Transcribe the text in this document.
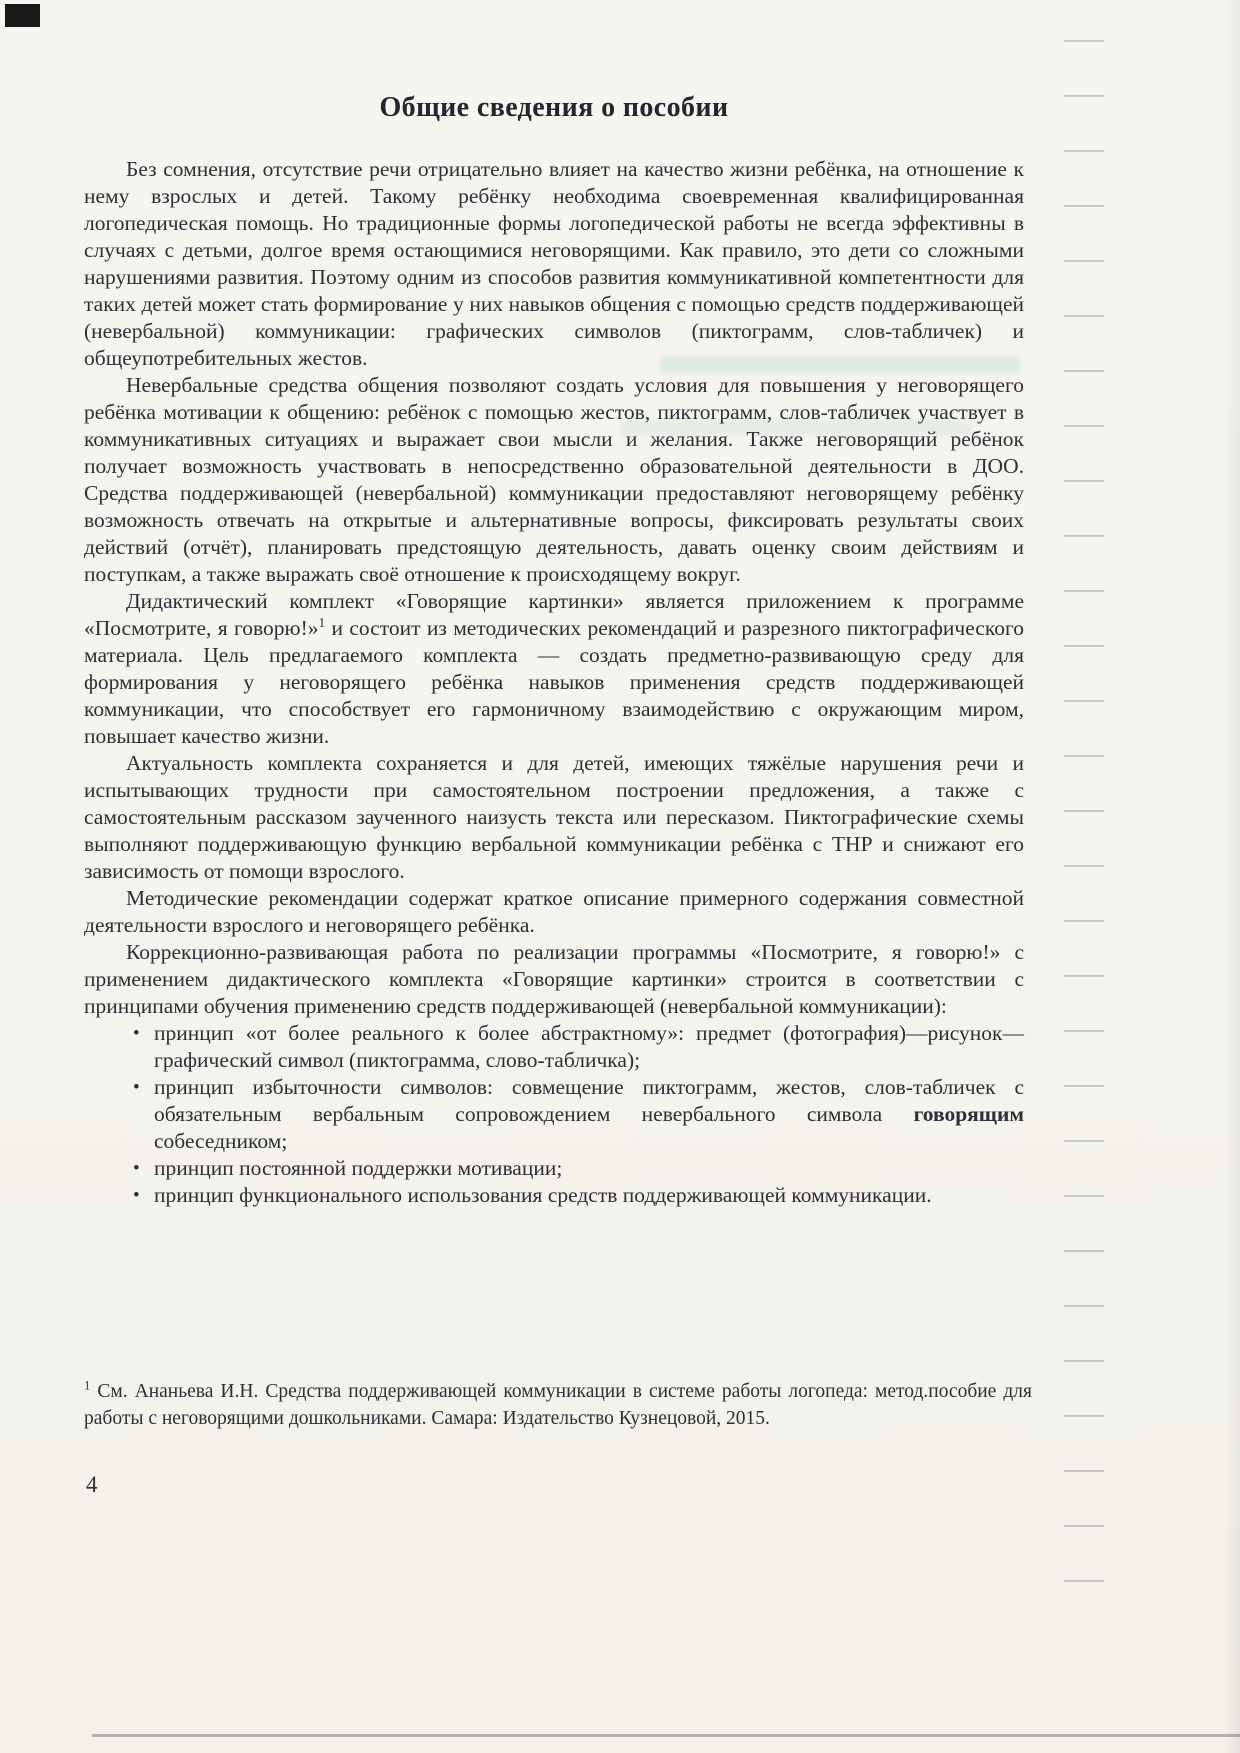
Общие сведения о пособии

Без сомнения, отсутствие речи отрицательно влияет на качество жизни ребёнка, на отношение к нему взрослых и детей. Такому ребёнку необходима своевременная квалифицированная логопедическая помощь. Но традиционные формы логопедической работы не всегда эффективны в случаях с детьми, долгое время остающимися неговорящими. Как правило, это дети со сложными нарушениями развития. Поэтому одним из способов развития коммуникативной компетентности для таких детей может стать формирование у них навыков общения с помощью средств поддерживающей (невербальной) коммуникации: графических символов (пиктограмм, слов-табличек) и общеупотребительных жестов.

Невербальные средства общения позволяют создать условия для повышения у неговорящего ребёнка мотивации к общению: ребёнок с помощью жестов, пиктограмм, слов-табличек участвует в коммуникативных ситуациях и выражает свои мысли и желания. Также неговорящий ребёнок получает возможность участвовать в непосредственно образовательной деятельности в ДОО. Средства поддерживающей (невербальной) коммуникации предоставляют неговорящему ребёнку возможность отвечать на открытые и альтернативные вопросы, фиксировать результаты своих действий (отчёт), планировать предстоящую деятельность, давать оценку своим действиям и поступкам, а также выражать своё отношение к происходящему вокруг.

Дидактический комплект «Говорящие картинки» является приложением к программе «Посмотрите, я говорю!»$^1$ и состоит из методических рекомендаций и разрезного пиктографического материала. Цель предлагаемого комплекта — создать предметно-развивающую среду для формирования у неговорящего ребёнка навыков применения средств поддерживающей коммуникации, что способствует его гармоничному взаимодействию с окружающим миром, повышает качество жизни.

Актуальность комплекта сохраняется и для детей, имеющих тяжёлые нарушения речи и испытывающих трудности при самостоятельном построении предложения, а также с самостоятельным рассказом заученного наизусть текста или пересказом. Пиктографические схемы выполняют поддерживающую функцию вербальной коммуникации ребёнка с ТНР и снижают его зависимость от помощи взрослого.

Методические рекомендации содержат краткое описание примерного содержания совместной деятельности взрослого и неговорящего ребёнка.

Коррекционно-развивающая работа по реализации программы «Посмотрите, я говорю!» с применением дидактического комплекта «Говорящие картинки» строится в соответствии с принципами обучения применению средств поддерживающей (невербальной коммуникации):

• принцип «от более реального к более абстрактному»: предмет (фотография)—рисунок—графический символ (пиктограмма, слово-табличка);
• принцип избыточности символов: совмещение пиктограмм, жестов, слов-табличек с обязательным вербальным сопровождением невербального символа говорящим собеседником;
• принцип постоянной поддержки мотивации;
• принцип функционального использования средств поддерживающей коммуникации.
$^1$ См. Ананьева И.Н. Средства поддерживающей коммуникации в системе работы логопеда: метод.пособие для работы с неговорящими дошкольниками. Самара: Издательство Кузнецовой, 2015.
4
